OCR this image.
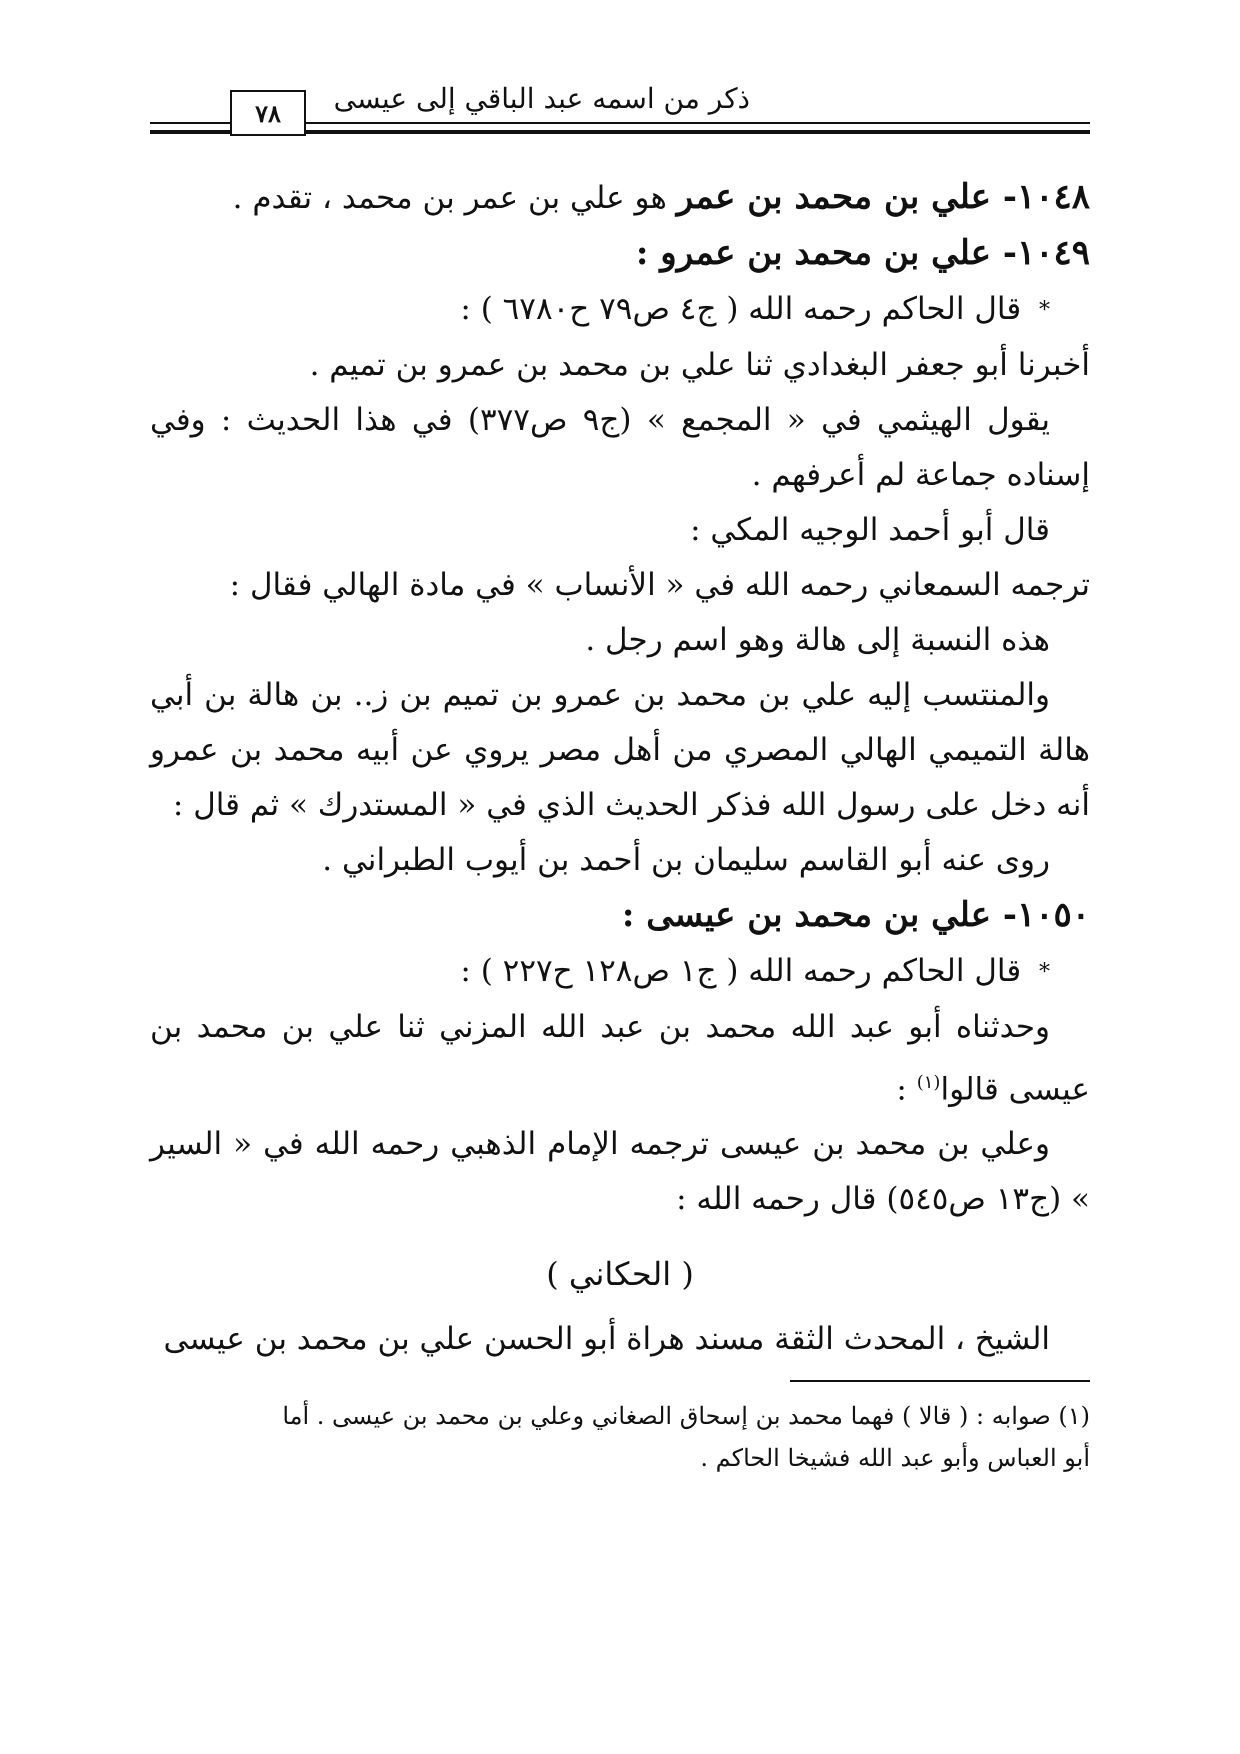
٧٨	ذكر من اسمه عبد الباقي إلى عيسى

١٠٤٨- علي بن محمد بن عمر هو علي بن عمر بن محمد ، تقدم .

١٠٤٩- علي بن محمد بن عمرو :

* قال الحاكم رحمه الله ( ج٤ ص٧٩ ح٦٧٨٠ ) :

أخبرنا أبو جعفر البغدادي ثنا علي بن محمد بن عمرو بن تميم .

يقول الهيثمي في « المجمع » (ج٩ ص٣٧٧) في هذا الحديث : وفي إسناده جماعة لم أعرفهم .

قال أبو أحمد الوجيه المكي :

ترجمه السمعاني رحمه الله في « الأنساب » في مادة الهالي فقال :

هذه النسبة إلى هالة وهو اسم رجل .

والمنتسب إليه علي بن محمد بن عمرو بن تميم بن ز.. بن هالة بن أبي هالة التميمي الهالي المصري من أهل مصر يروي عن أبيه محمد بن عمرو أنه دخل على رسول الله فذكر الحديث الذي في « المستدرك » ثم قال :

روى عنه أبو القاسم سليمان بن أحمد بن أيوب الطبراني .

١٠٥٠- علي بن محمد بن عيسى :

* قال الحاكم رحمه الله ( ج١ ص١٢٨ ح٢٢٧ ) :

وحدثناه أبو عبد الله محمد بن عبد الله المزني ثنا علي بن محمد بن عيسى قالوا$^{(١)}$ :

وعلي بن محمد بن عيسى ترجمه الإمام الذهبي رحمه الله في « السير » (ج١٣ ص٥٤٥) قال رحمه الله :

( الحكاني )

الشيخ ، المحدث الثقة مسند هراة أبو الحسن علي بن محمد بن عيسى

(١) صوابه : ( قالا ) فهما محمد بن إسحاق الصغاني وعلي بن محمد بن عيسى . أما

أبو العباس وأبو عبد الله فشيخا الحاكم .
